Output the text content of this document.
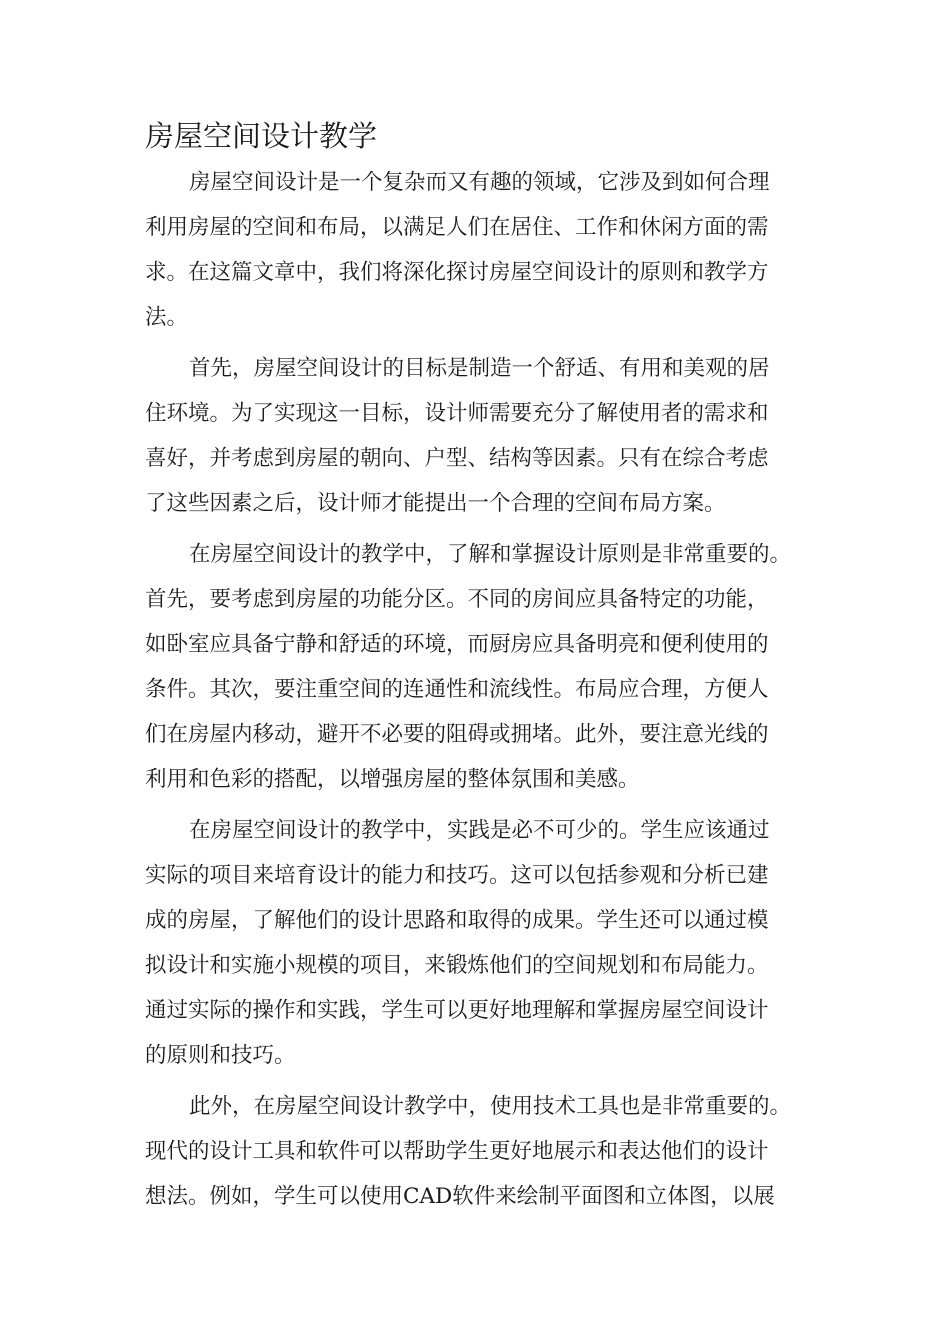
房屋空间设计教学

房屋空间设计是一个复杂而又有趣的领域，它涉及到如何合理

利用房屋的空间和布局，以满足人们在居住、工作和休闲方面的需

求。在这篇文章中，我们将深化探讨房屋空间设计的原则和教学方

法。

首先，房屋空间设计的目标是制造一个舒适、有用和美观的居

住环境。为了实现这一目标，设计师需要充分了解使用者的需求和

喜好，并考虑到房屋的朝向、户型、结构等因素。只有在综合考虑

了这些因素之后，设计师才能提出一个合理的空间布局方案。

在房屋空间设计的教学中，了解和掌握设计原则是非常重要的。

首先，要考虑到房屋的功能分区。不同的房间应具备特定的功能，

如卧室应具备宁静和舒适的环境，而厨房应具备明亮和便利使用的

条件。其次，要注重空间的连通性和流线性。布局应合理，方便人

们在房屋内移动，避开不必要的阻碍或拥堵。此外，要注意光线的

利用和色彩的搭配，以增强房屋的整体氛围和美感。

在房屋空间设计的教学中，实践是必不可少的。学生应该通过

实际的项目来培育设计的能力和技巧。这可以包括参观和分析已建

成的房屋，了解他们的设计思路和取得的成果。学生还可以通过模

拟设计和实施小规模的项目，来锻炼他们的空间规划和布局能力。

通过实际的操作和实践，学生可以更好地理解和掌握房屋空间设计

的原则和技巧。

此外，在房屋空间设计教学中，使用技术工具也是非常重要的。

现代的设计工具和软件可以帮助学生更好地展示和表达他们的设计

想法。例如，学生可以使用CAD软件来绘制平面图和立体图，以展
